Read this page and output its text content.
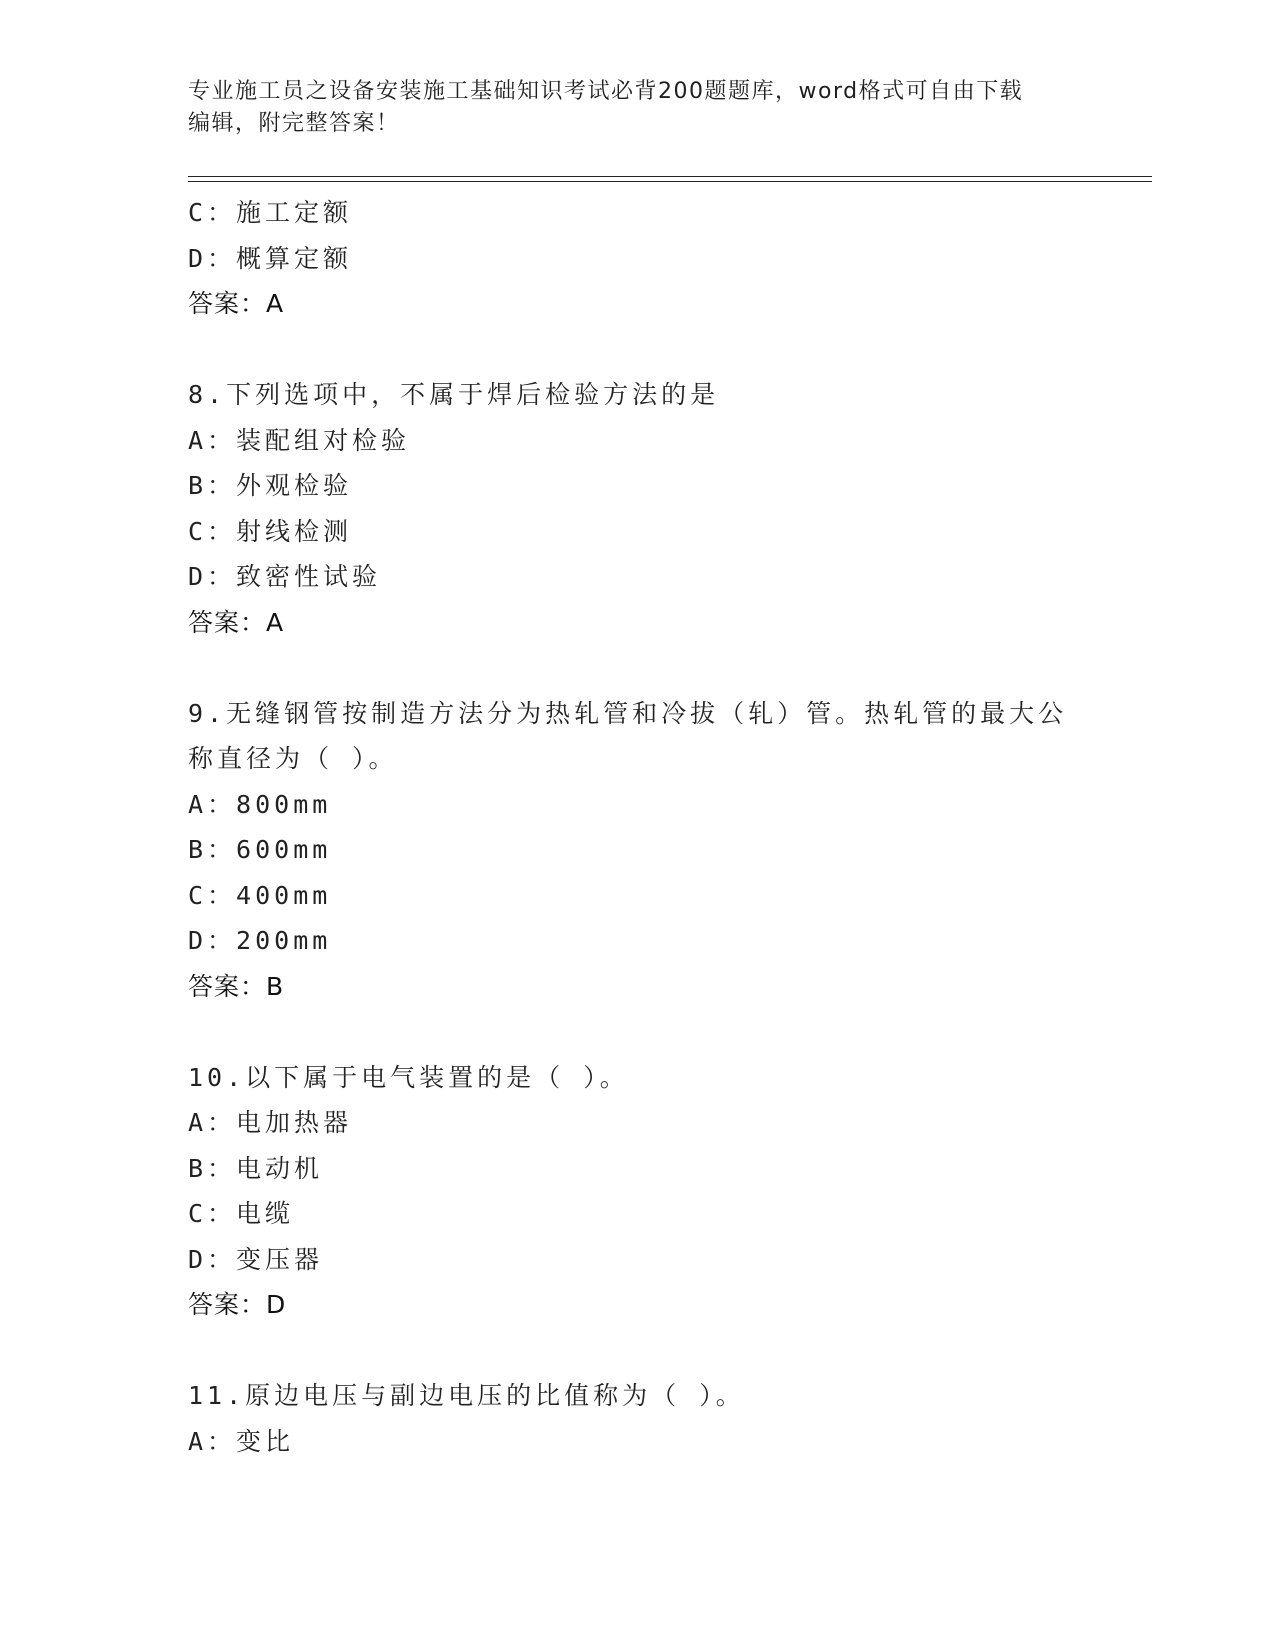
专业施工员之设备安装施工基础知识考试必背200题题库，word格式可自由下载
编辑，附完整答案！
C：施工定额
D：概算定额
答案：A
8.下列选项中，不属于焊后检验方法的是
A：装配组对检验
B：外观检验
C：射线检测
D：致密性试验
答案：A
9.无缝钢管按制造方法分为热轧管和冷拔（轧）管。热轧管的最大公
称直径为（ ）。
A：800mm
B：600mm
C：400mm
D：200mm
答案：B
10.以下属于电气装置的是（ ）。
A：电加热器
B：电动机
C：电缆
D：变压器
答案：D
11.原边电压与副边电压的比值称为（ ）。
A：变比
